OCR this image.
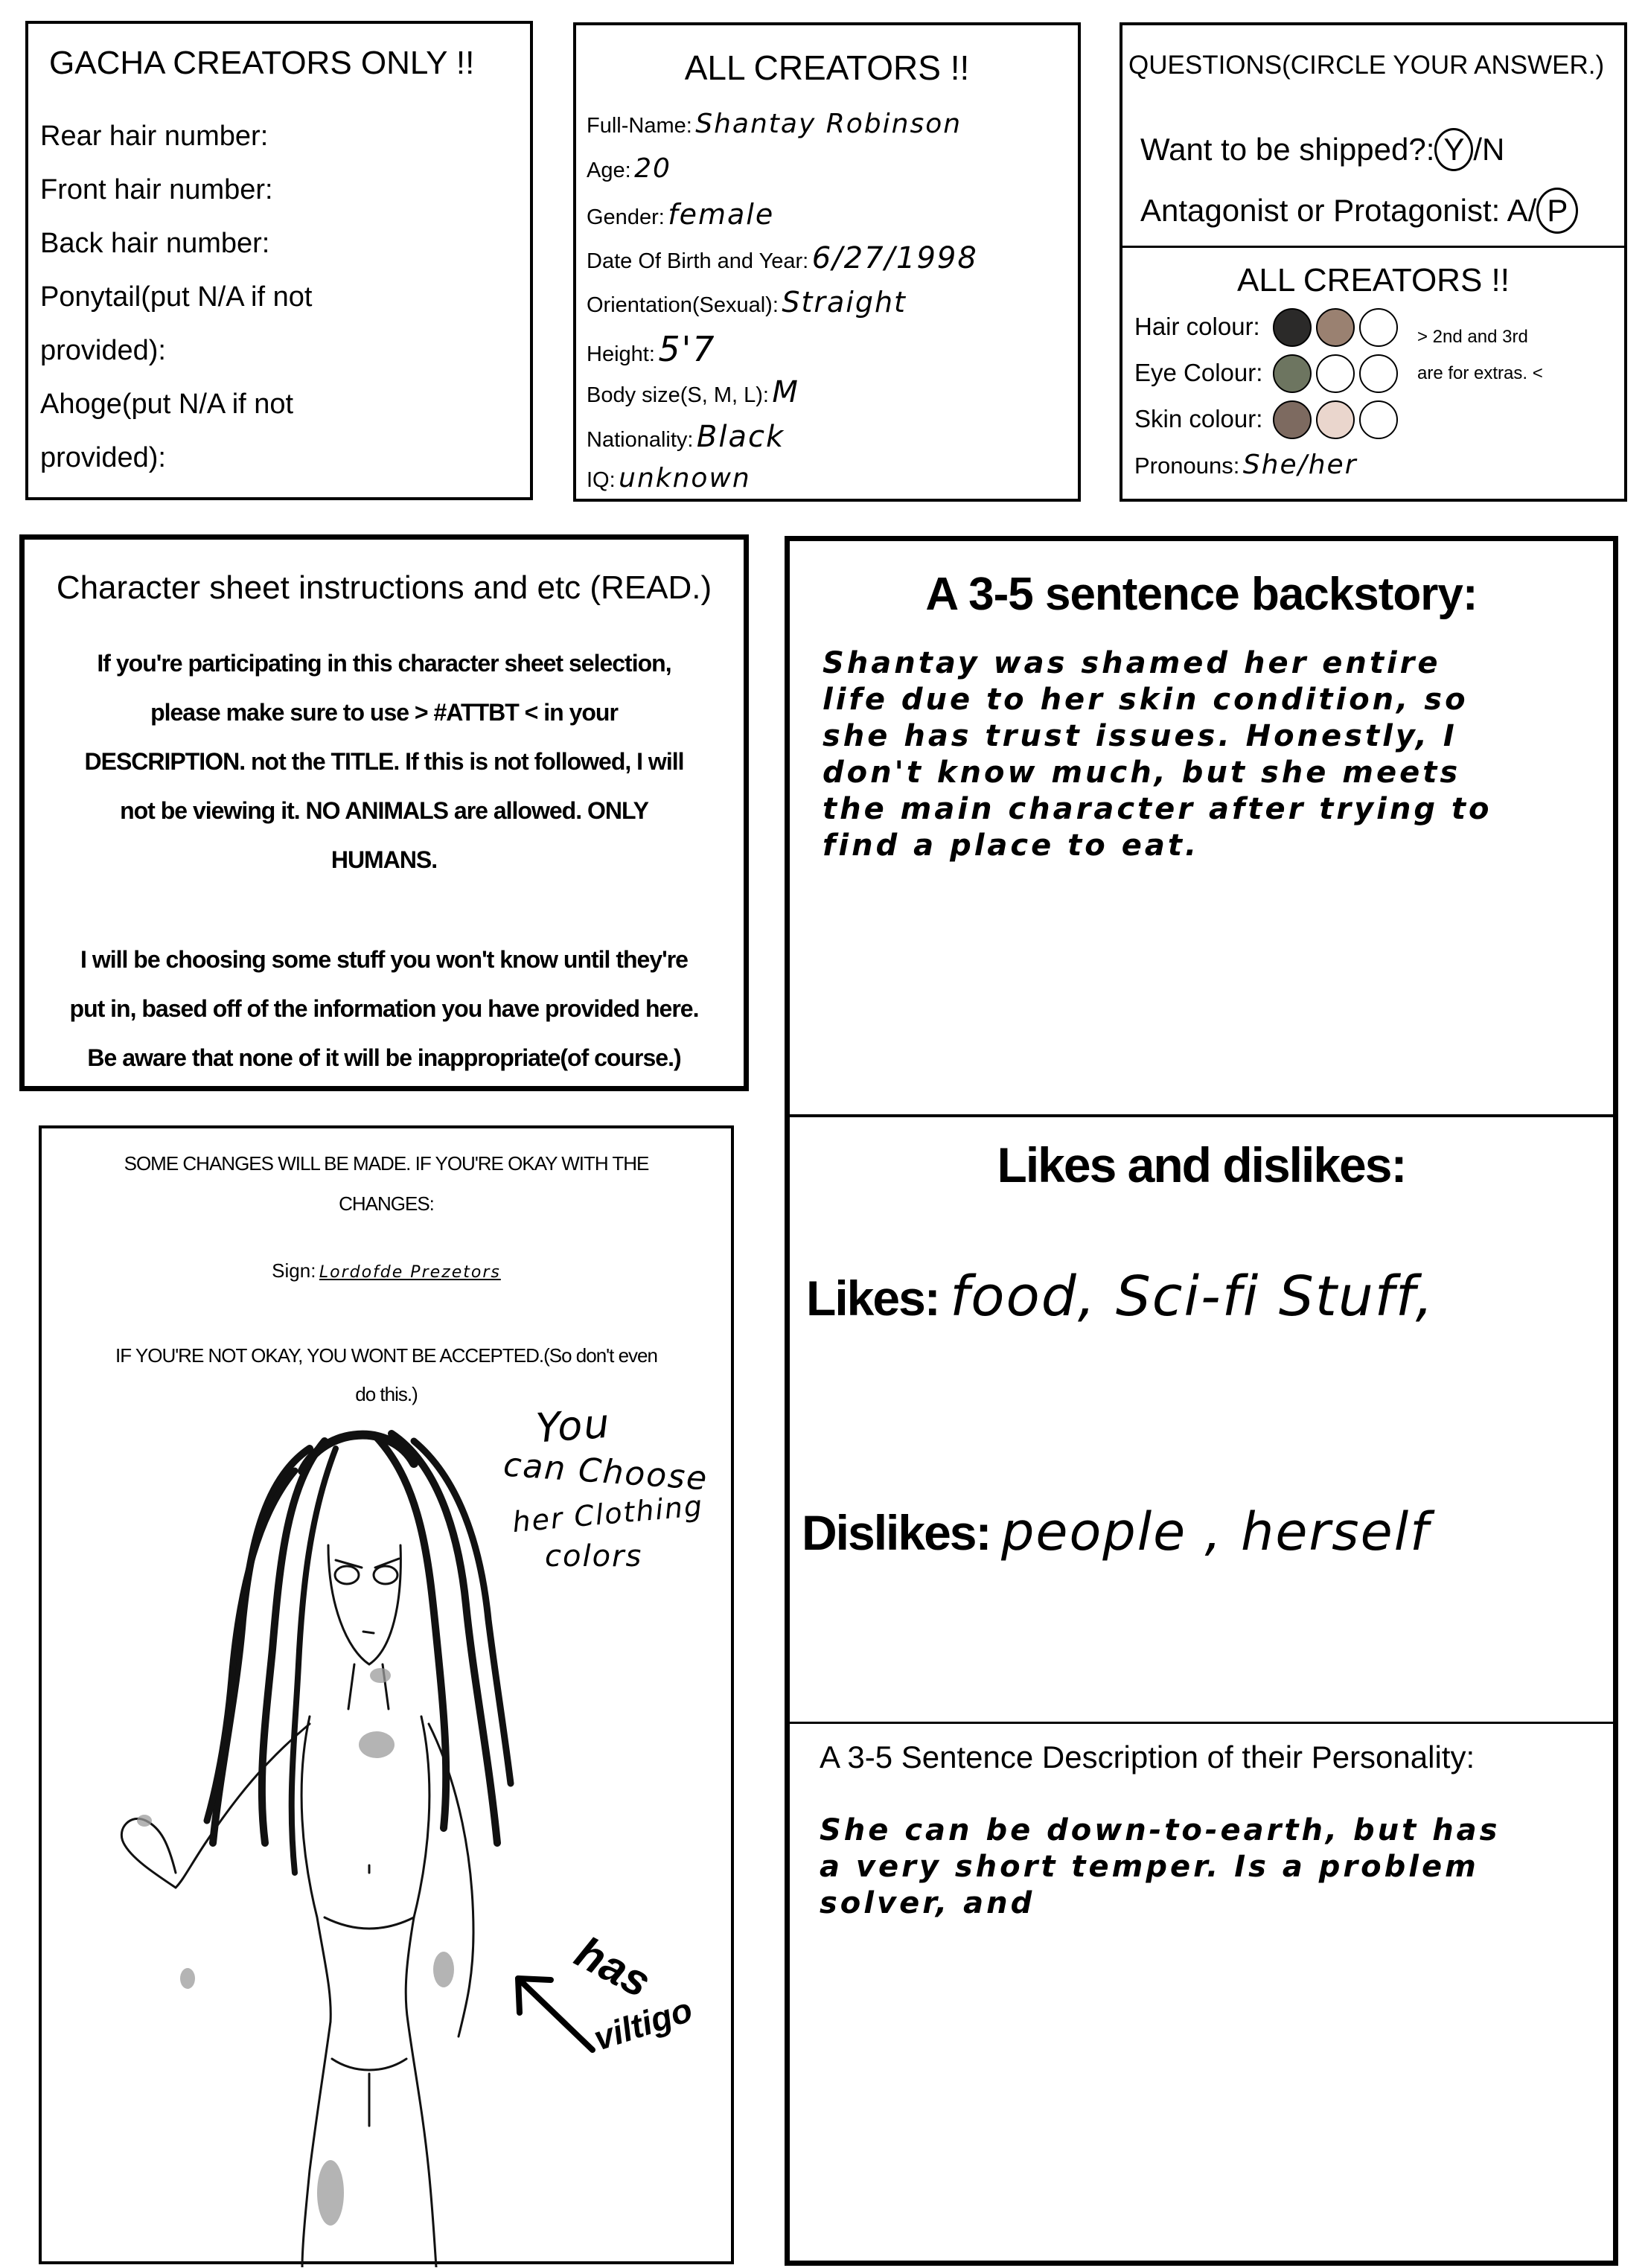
GACHA CREATORS ONLY !!
Rear hair number:
Front hair number:
Back hair number:
Ponytail(put N/A if not
provided):
Ahoge(put N/A if not
provided):
ALL CREATORS !!
Full-Name: Shantay Robinson
Age: 20
Gender: female
Date Of Birth and Year: 6/27/1998
Orientation(Sexual): Straight
Height: 5'7
Body size(S, M, L): M
Nationality: Black
IQ: unknown
QUESTIONS(CIRCLE YOUR ANSWER.)
Want to be shipped?: Y /N
Antagonist or Protagonist: A/ P
ALL CREATORS !!
Hair colour:
Eye Colour:
Skin colour:
> 2nd and 3rd
are for extras. <
Pronouns: She/her
Character sheet instructions and etc (READ.)
If you're participating in this character sheet selection,
please make sure to use > #ATTBT < in your
DESCRIPTION. not the TITLE. If this is not followed, I will
not be viewing it. NO ANIMALS are allowed. ONLY
HUMANS.
I will be choosing some stuff you won't know until they're
put in, based off of the information you have provided here.
Be aware that none of it will be inappropriate(of course.)
A 3-5 sentence backstory:
Shantay was shamed her entire
life due to her skin condition, so
she has trust issues. Honestly, I
don't know much, but she meets
the main character after trying to
find a place to eat.
Likes and dislikes:
Likes: food, Sci-fi Stuff,
Dislikes: people , herself
A 3-5 Sentence Description of their Personality:
She can be down-to-earth, but has
a very short temper. Is a problem
solver, and
SOME CHANGES WILL BE MADE. IF YOU'RE OKAY WITH THE
CHANGES:
Sign: Lordofde Prezetors
IF YOU'RE NOT OKAY, YOU WONT BE ACCEPTED.(So don't even
do this.)
You
can Choose
her Clothing
colors
has
viltigo
